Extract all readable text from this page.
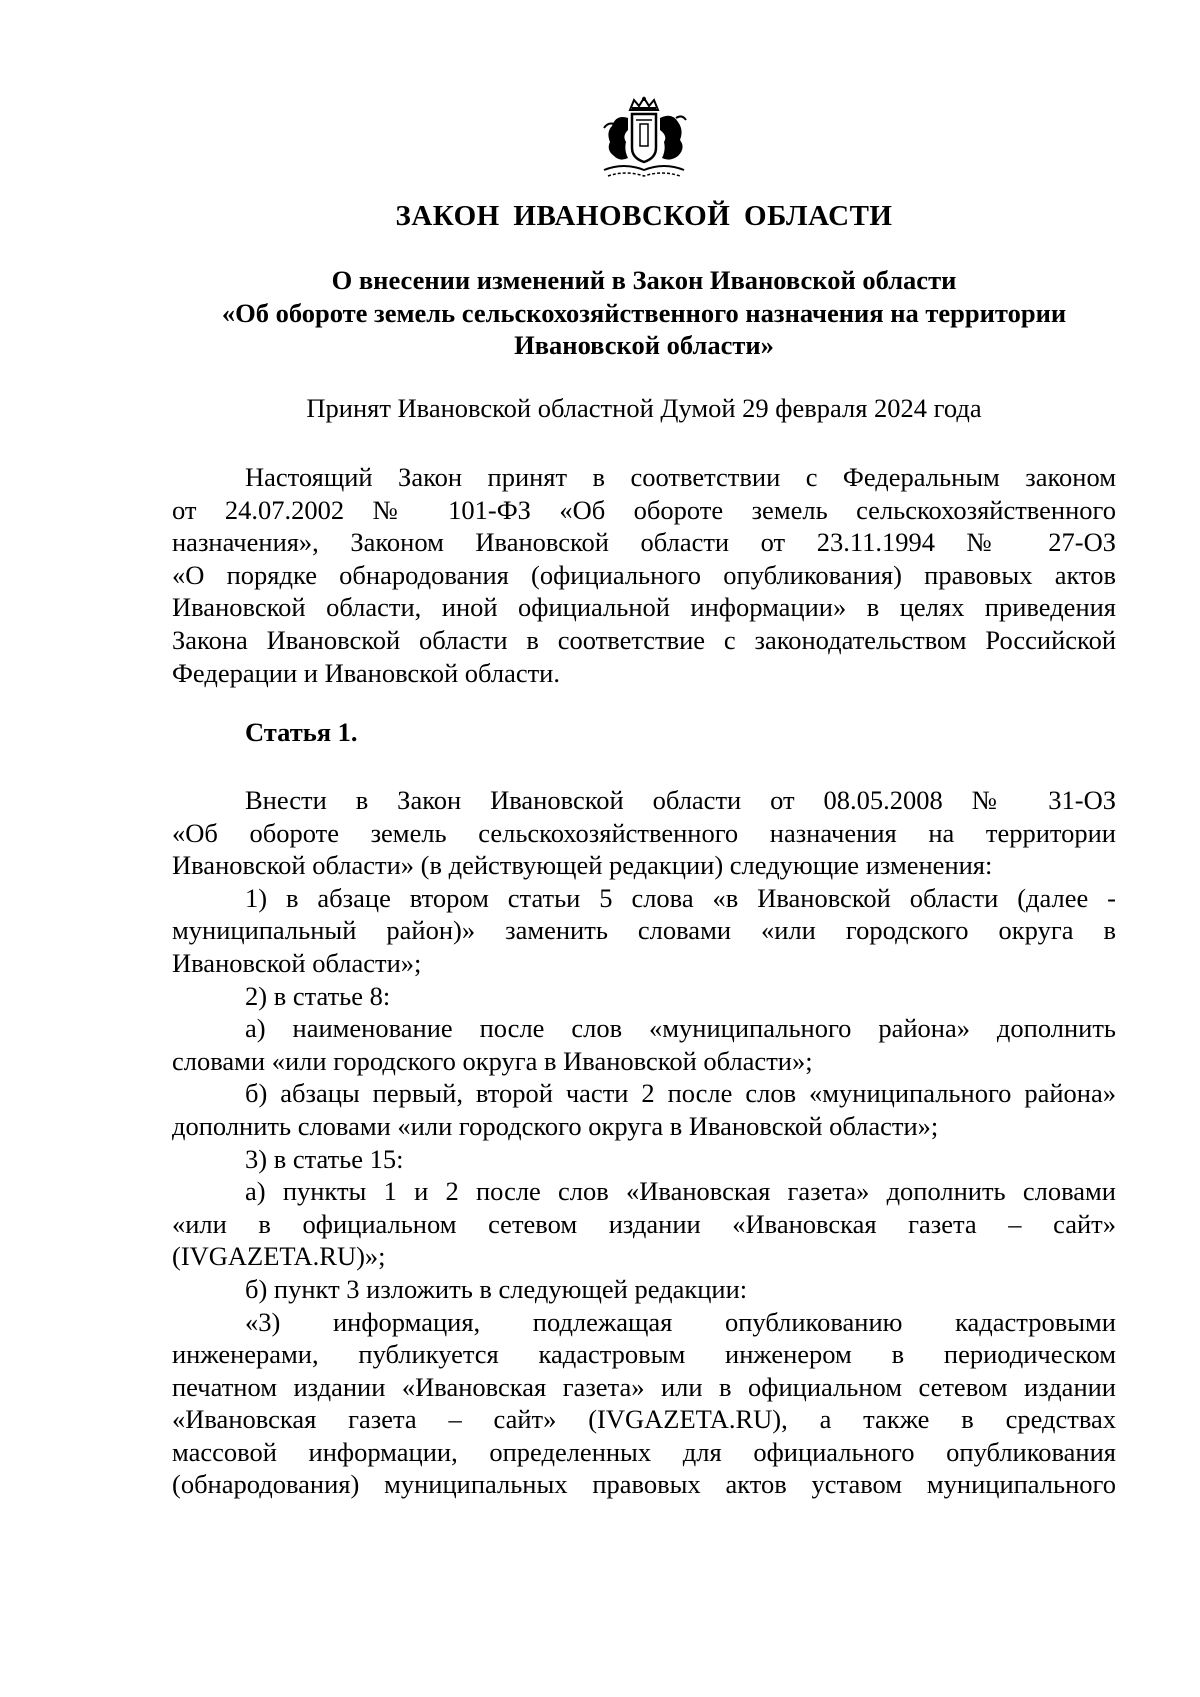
ЗАКОН ИВАНОВСКОЙ ОБЛАСТИ
О внесении изменений в Закон Ивановской области
«Об обороте земель сельскохозяйственного назначения на территории
Ивановской области»
Принят Ивановской областной Думой 29 февраля 2024 года
Настоящий Закон принят в соответствии с Федеральным законом
от 24.07.2002 № 101-ФЗ «Об обороте земель сельскохозяйственного
назначения», Законом Ивановской области от 23.11.1994 № 27-ОЗ
«О порядке обнародования (официального опубликования) правовых актов
Ивановской области, иной официальной информации» в целях приведения
Закона Ивановской области в соответствие с законодательством Российской
Федерации и Ивановской области.
Статья 1.
Внести в Закон Ивановской области от 08.05.2008 № 31-ОЗ
«Об обороте земель сельскохозяйственного назначения на территории
Ивановской области» (в действующей редакции) следующие изменения:
1) в абзаце втором статьи 5 слова «в Ивановской области (далее -
муниципальный район)» заменить словами «или городского округа в
Ивановской области»;
2) в статье 8:
а) наименование после слов «муниципального района» дополнить
словами «или городского округа в Ивановской области»;
б) абзацы первый, второй части 2 после слов «муниципального района»
дополнить словами «или городского округа в Ивановской области»;
3) в статье 15:
а) пункты 1 и 2 после слов «Ивановская газета» дополнить словами
«или в официальном сетевом издании «Ивановская газета – сайт»
(IVGAZETA.RU)»;
б) пункт 3 изложить в следующей редакции:
«3) информация, подлежащая опубликованию кадастровыми
инженерами, публикуется кадастровым инженером в периодическом
печатном издании «Ивановская газета» или в официальном сетевом издании
«Ивановская газета – сайт» (IVGAZETA.RU), а также в средствах
массовой информации, определенных для официального опубликования
(обнародования) муниципальных правовых актов уставом муниципального
